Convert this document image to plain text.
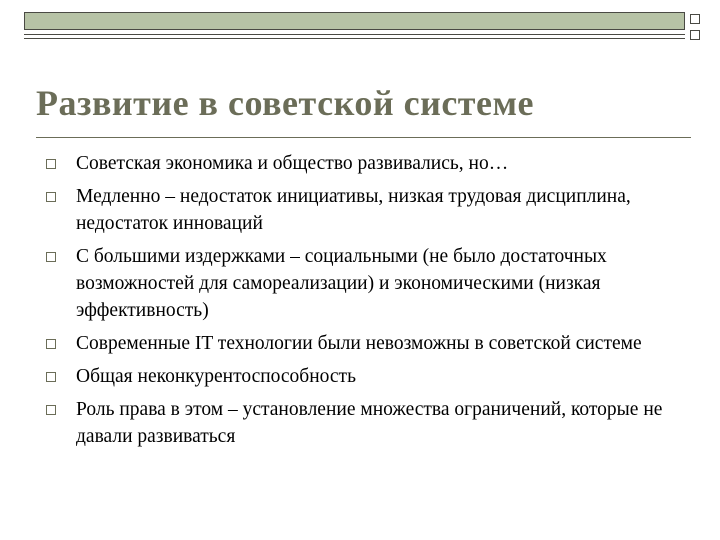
Развитие в советской системе
Советская экономика и общество развивались, но…
Медленно – недостаток инициативы, низкая трудовая дисциплина, недостаток инноваций
С большими издержками – социальными (не было достаточных возможностей для самореализации) и экономическими (низкая эффективность)
Современные IT технологии были невозможны в советской системе
Общая неконкурентоспособность
Роль права в этом – установление множества ограничений, которые не давали развиваться
